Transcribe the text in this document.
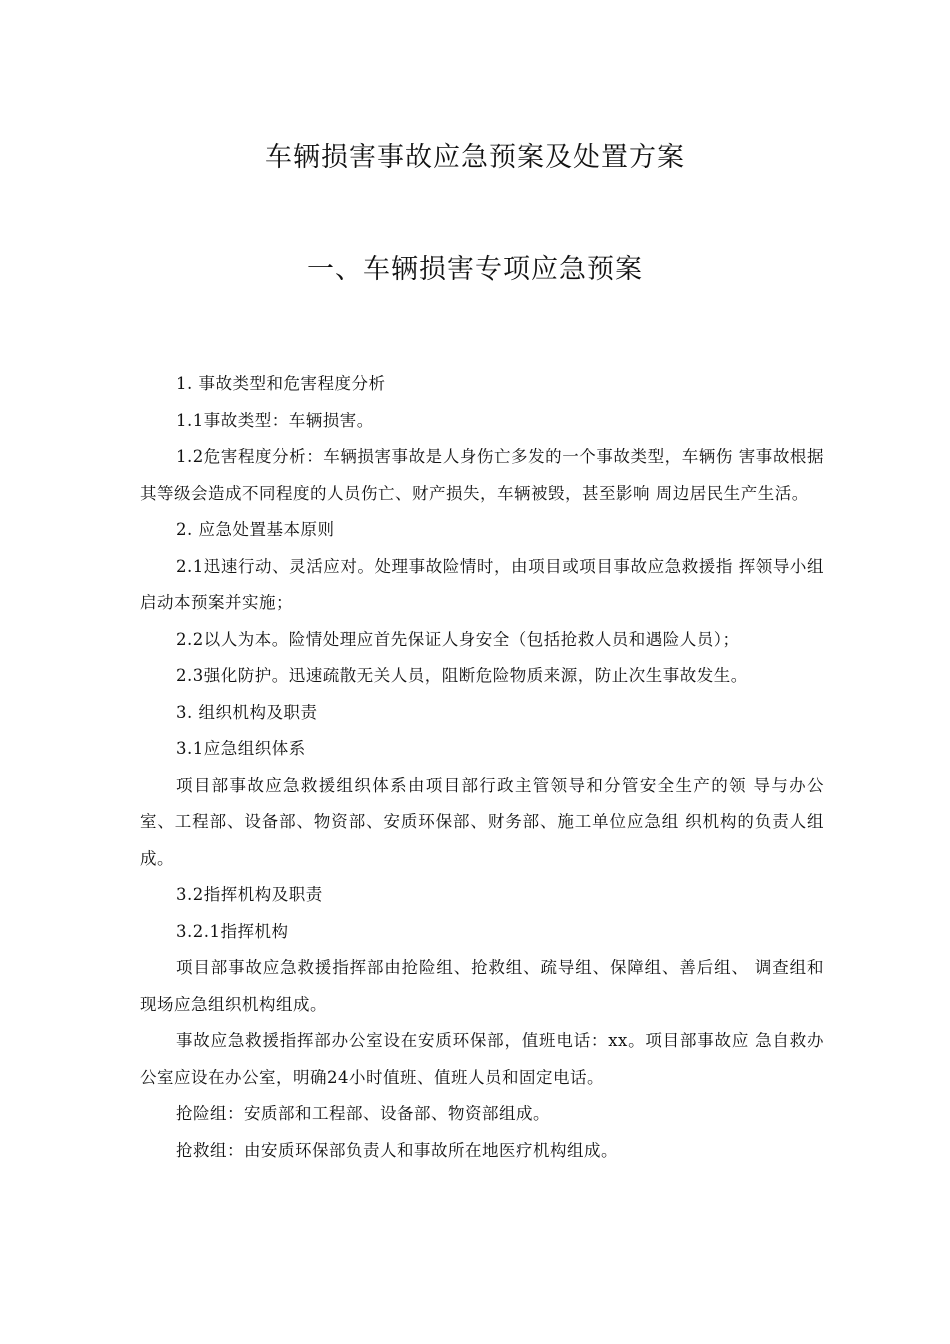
车辆损害事故应急预案及处置方案
一、车辆损害专项应急预案

1. 事故类型和危害程度分析

1.1事故类型：车辆损害。

1.2危害程度分析：车辆损害事故是人身伤亡多发的一个事故类型，车辆伤 害事故根据其等级会造成不同程度的人员伤亡、财产损失，车辆被毁，甚至影响 周边居民生产生活。

2. 应急处置基本原则

2.1迅速行动、灵活应对。处理事故险情时，由项目或项目事故应急救援指 挥领导小组启动本预案并实施；

2.2以人为本。险情处理应首先保证人身安全（包括抢救人员和遇险人员）；

2.3强化防护。迅速疏散无关人员，阻断危险物质来源，防止次生事故发生。

3. 组织机构及职责

3.1应急组织体系

项目部事故应急救援组织体系由项目部行政主管领导和分管安全生产的领 导与办公室、工程部、设备部、物资部、安质环保部、财务部、施工单位应急组 织机构的负责人组成。

3.2指挥机构及职责

3.2.1指挥机构

项目部事故应急救援指挥部由抢险组、抢救组、疏导组、保障组、善后组、 调查组和现场应急组织机构组成。

事故应急救援指挥部办公室设在安质环保部，值班电话：xx。项目部事故应 急自救办公室应设在办公室，明确24小时值班、值班人员和固定电话。

抢险组：安质部和工程部、设备部、物资部组成。

抢救组：由安质环保部负责人和事故所在地医疗机构组成。
